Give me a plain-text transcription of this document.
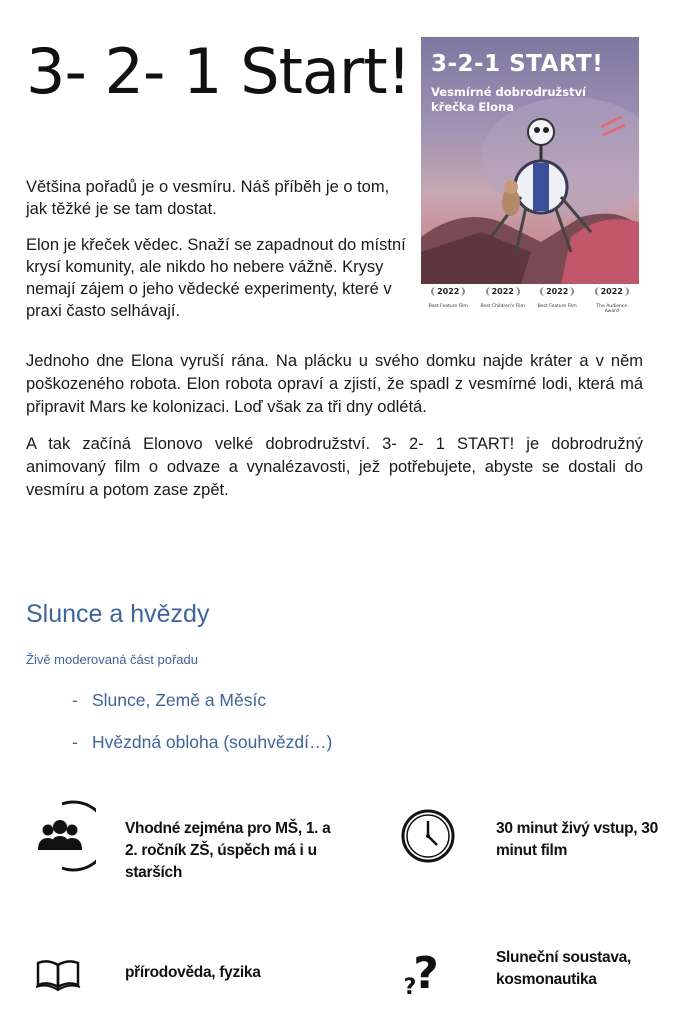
3- 2- 1 Start!

Většina pořadů je o vesmíru. Náš příběh je o tom, jak těžké je se tam dostat.

Elon je křeček vědec. Snaží se zapadnout do místní krysí komunity, ale nikdo ho nebere vážně. Krysy nemají zájem o jeho vědecké experimenty, které v praxi často selhávají.

3-2-1 START!
Vesmírné dobrodružství křečka Elona
2022
Best Feature Film
2022
Best Children's Film
2022
Best Feature Film
2022
The Audience Award

Jednoho dne Elona vyruší rána. Na plácku u svého domku najde kráter a v něm poškozeného robota. Elon robota opraví a zjistí, že spadl z vesmírné lodi, která má připravit Mars ke kolonizaci. Loď však za tři dny odlétá.

A tak začíná Elonovo velké dobrodružství. 3- 2- 1 START! je dobrodružný animovaný film o odvaze a vynalézavosti, jež potřebujete, abyste se dostali do vesmíru a potom zase zpět.

Slunce a hvězdy
Živě moderovaná část pořadu
- Slunce, Země a Měsíc
- Hvězdná obloha (souhvězdí…)
Vhodné zejména pro MŠ, 1. a 2. ročník ZŠ, úspěch má i u starších
30 minut živý vstup, 30 minut film
přírodověda, fyzika	?
?
Sluneční soustava, kosmonautika
